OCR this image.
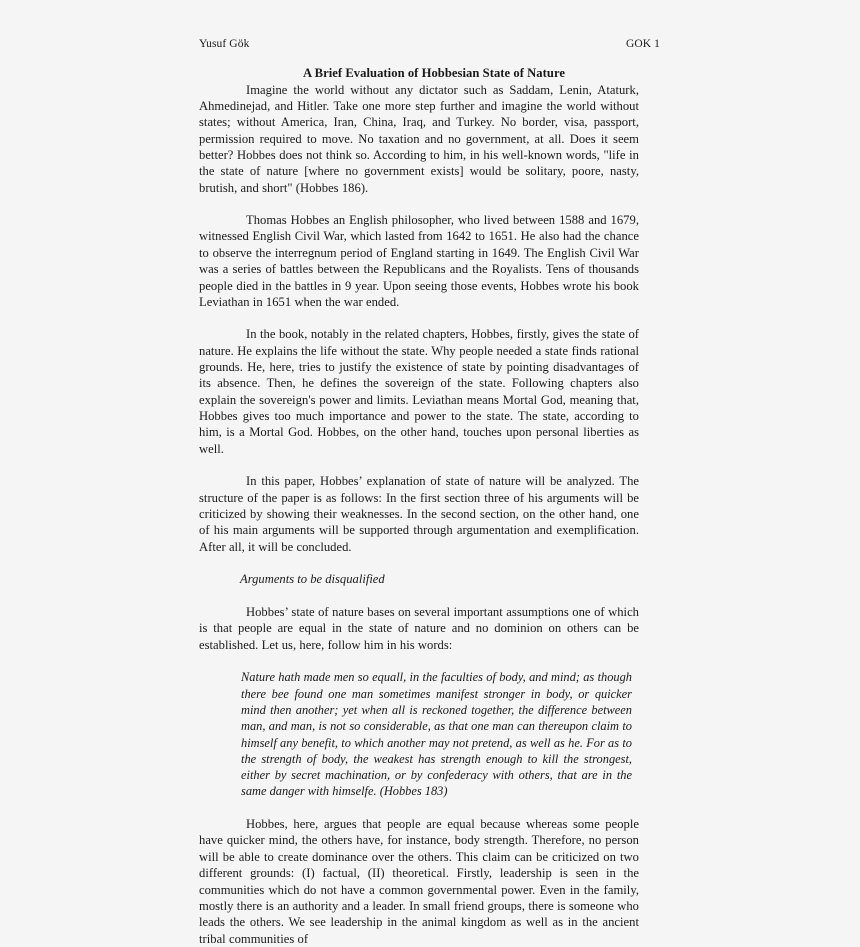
Yusuf Gök	GOK 1
A Brief Evaluation of Hobbesian State of Nature

Imagine the world without any dictator such as Saddam, Lenin, Ataturk, Ahmedinejad, and Hitler. Take one more step further and imagine the world without states; without America, Iran, China, Iraq, and Turkey. No border, visa, passport, permission required to move. No taxation and no government, at all. Does it seem better? Hobbes does not think so. According to him, in his well-known words, "life in the state of nature [where no government exists] would be solitary, poore, nasty, brutish, and short" (Hobbes 186).

Thomas Hobbes an English philosopher, who lived between 1588 and 1679, witnessed English Civil War, which lasted from 1642 to 1651. He also had the chance to observe the interregnum period of England starting in 1649. The English Civil War was a series of battles between the Republicans and the Royalists. Tens of thousands people died in the battles in 9 year. Upon seeing those events, Hobbes wrote his book Leviathan in 1651 when the war ended.

In the book, notably in the related chapters, Hobbes, firstly, gives the state of nature. He explains the life without the state. Why people needed a state finds rational grounds. He, here, tries to justify the existence of state by pointing disadvantages of its absence. Then, he defines the sovereign of the state. Following chapters also explain the sovereign's power and limits. Leviathan means Mortal God, meaning that, Hobbes gives too much importance and power to the state. The state, according to him, is a Mortal God. Hobbes, on the other hand, touches upon personal liberties as well.

In this paper, Hobbes’ explanation of state of nature will be analyzed. The structure of the paper is as follows: In the first section three of his arguments will be criticized by showing their weaknesses. In the second section, on the other hand, one of his main arguments will be supported through argumentation and exemplification. After all, it will be concluded.

Arguments to be disqualified

Hobbes’ state of nature bases on several important assumptions one of which is that people are equal in the state of nature and no dominion on others can be established. Let us, here, follow him in his words:

Nature hath made men so equall, in the faculties of body, and mind; as though there bee found one man sometimes manifest stronger in body, or quicker mind then another; yet when all is reckoned together, the difference between man, and man, is not so considerable, as that one man can thereupon claim to himself any benefit, to which another may not pretend, as well as he. For as to the strength of body, the weakest has strength enough to kill the strongest, either by secret machination, or by confederacy with others, that are in the same danger with himselfe. (Hobbes 183)

Hobbes, here, argues that people are equal because whereas some people have quicker mind, the others have, for instance, body strength. Therefore, no person will be able to create dominance over the others. This claim can be criticized on two different grounds: (I) factual, (II) theoretical. Firstly, leadership is seen in the communities which do not have a common governmental power. Even in the family, mostly there is an authority and a leader. In small friend groups, there is someone who leads the others. We see leadership in the animal kingdom as well as in the ancient tribal communities of
